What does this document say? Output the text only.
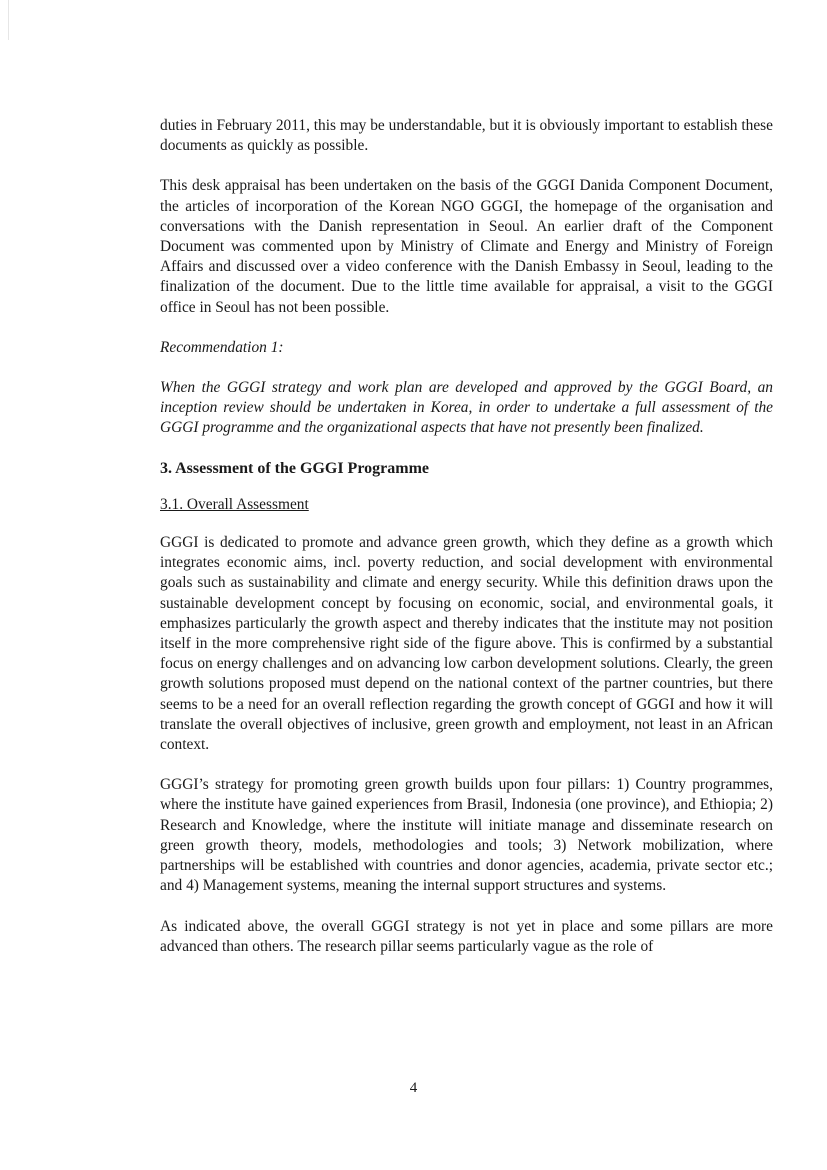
duties in February 2011, this may be understandable, but it is obviously important to establish these documents as quickly as possible.

This desk appraisal has been undertaken on the basis of the GGGI Danida Component Document, the articles of incorporation of the Korean NGO GGGI, the homepage of the organisation and conversations with the Danish representation in Seoul. An earlier draft of the Component Document was commented upon by Ministry of Climate and Energy and Ministry of Foreign Affairs and discussed over a video conference with the Danish Embassy in Seoul, leading to the finalization of the document. Due to the little time available for appraisal, a visit to the GGGI office in Seoul has not been possible.

Recommendation 1:

When the GGGI strategy and work plan are developed and approved by the GGGI Board, an inception review should be undertaken in Korea, in order to undertake a full assessment of the GGGI programme and the organizational aspects that have not presently been finalized.

3. Assessment of the GGGI Programme
3.1. Overall Assessment

GGGI is dedicated to promote and advance green growth, which they define as a growth which integrates economic aims, incl. poverty reduction, and social development with environmental goals such as sustainability and climate and energy security. While this definition draws upon the sustainable development concept by focusing on economic, social, and environmental goals, it emphasizes particularly the growth aspect and thereby indicates that the institute may not position itself in the more comprehensive right side of the figure above. This is confirmed by a substantial focus on energy challenges and on advancing low carbon development solutions. Clearly, the green growth solutions proposed must depend on the national context of the partner countries, but there seems to be a need for an overall reflection regarding the growth concept of GGGI and how it will translate the overall objectives of inclusive, green growth and employment, not least in an African context.

GGGI’s strategy for promoting green growth builds upon four pillars: 1) Country programmes, where the institute have gained experiences from Brasil, Indonesia (one province), and Ethiopia; 2) Research and Knowledge, where the institute will initiate manage and disseminate research on green growth theory, models, methodologies and tools; 3) Network mobilization, where partnerships will be established with countries and donor agencies, academia, private sector etc.; and 4) Management systems, meaning the internal support structures and systems.

As indicated above, the overall GGGI strategy is not yet in place and some pillars are more advanced than others. The research pillar seems particularly vague as the role of

4
